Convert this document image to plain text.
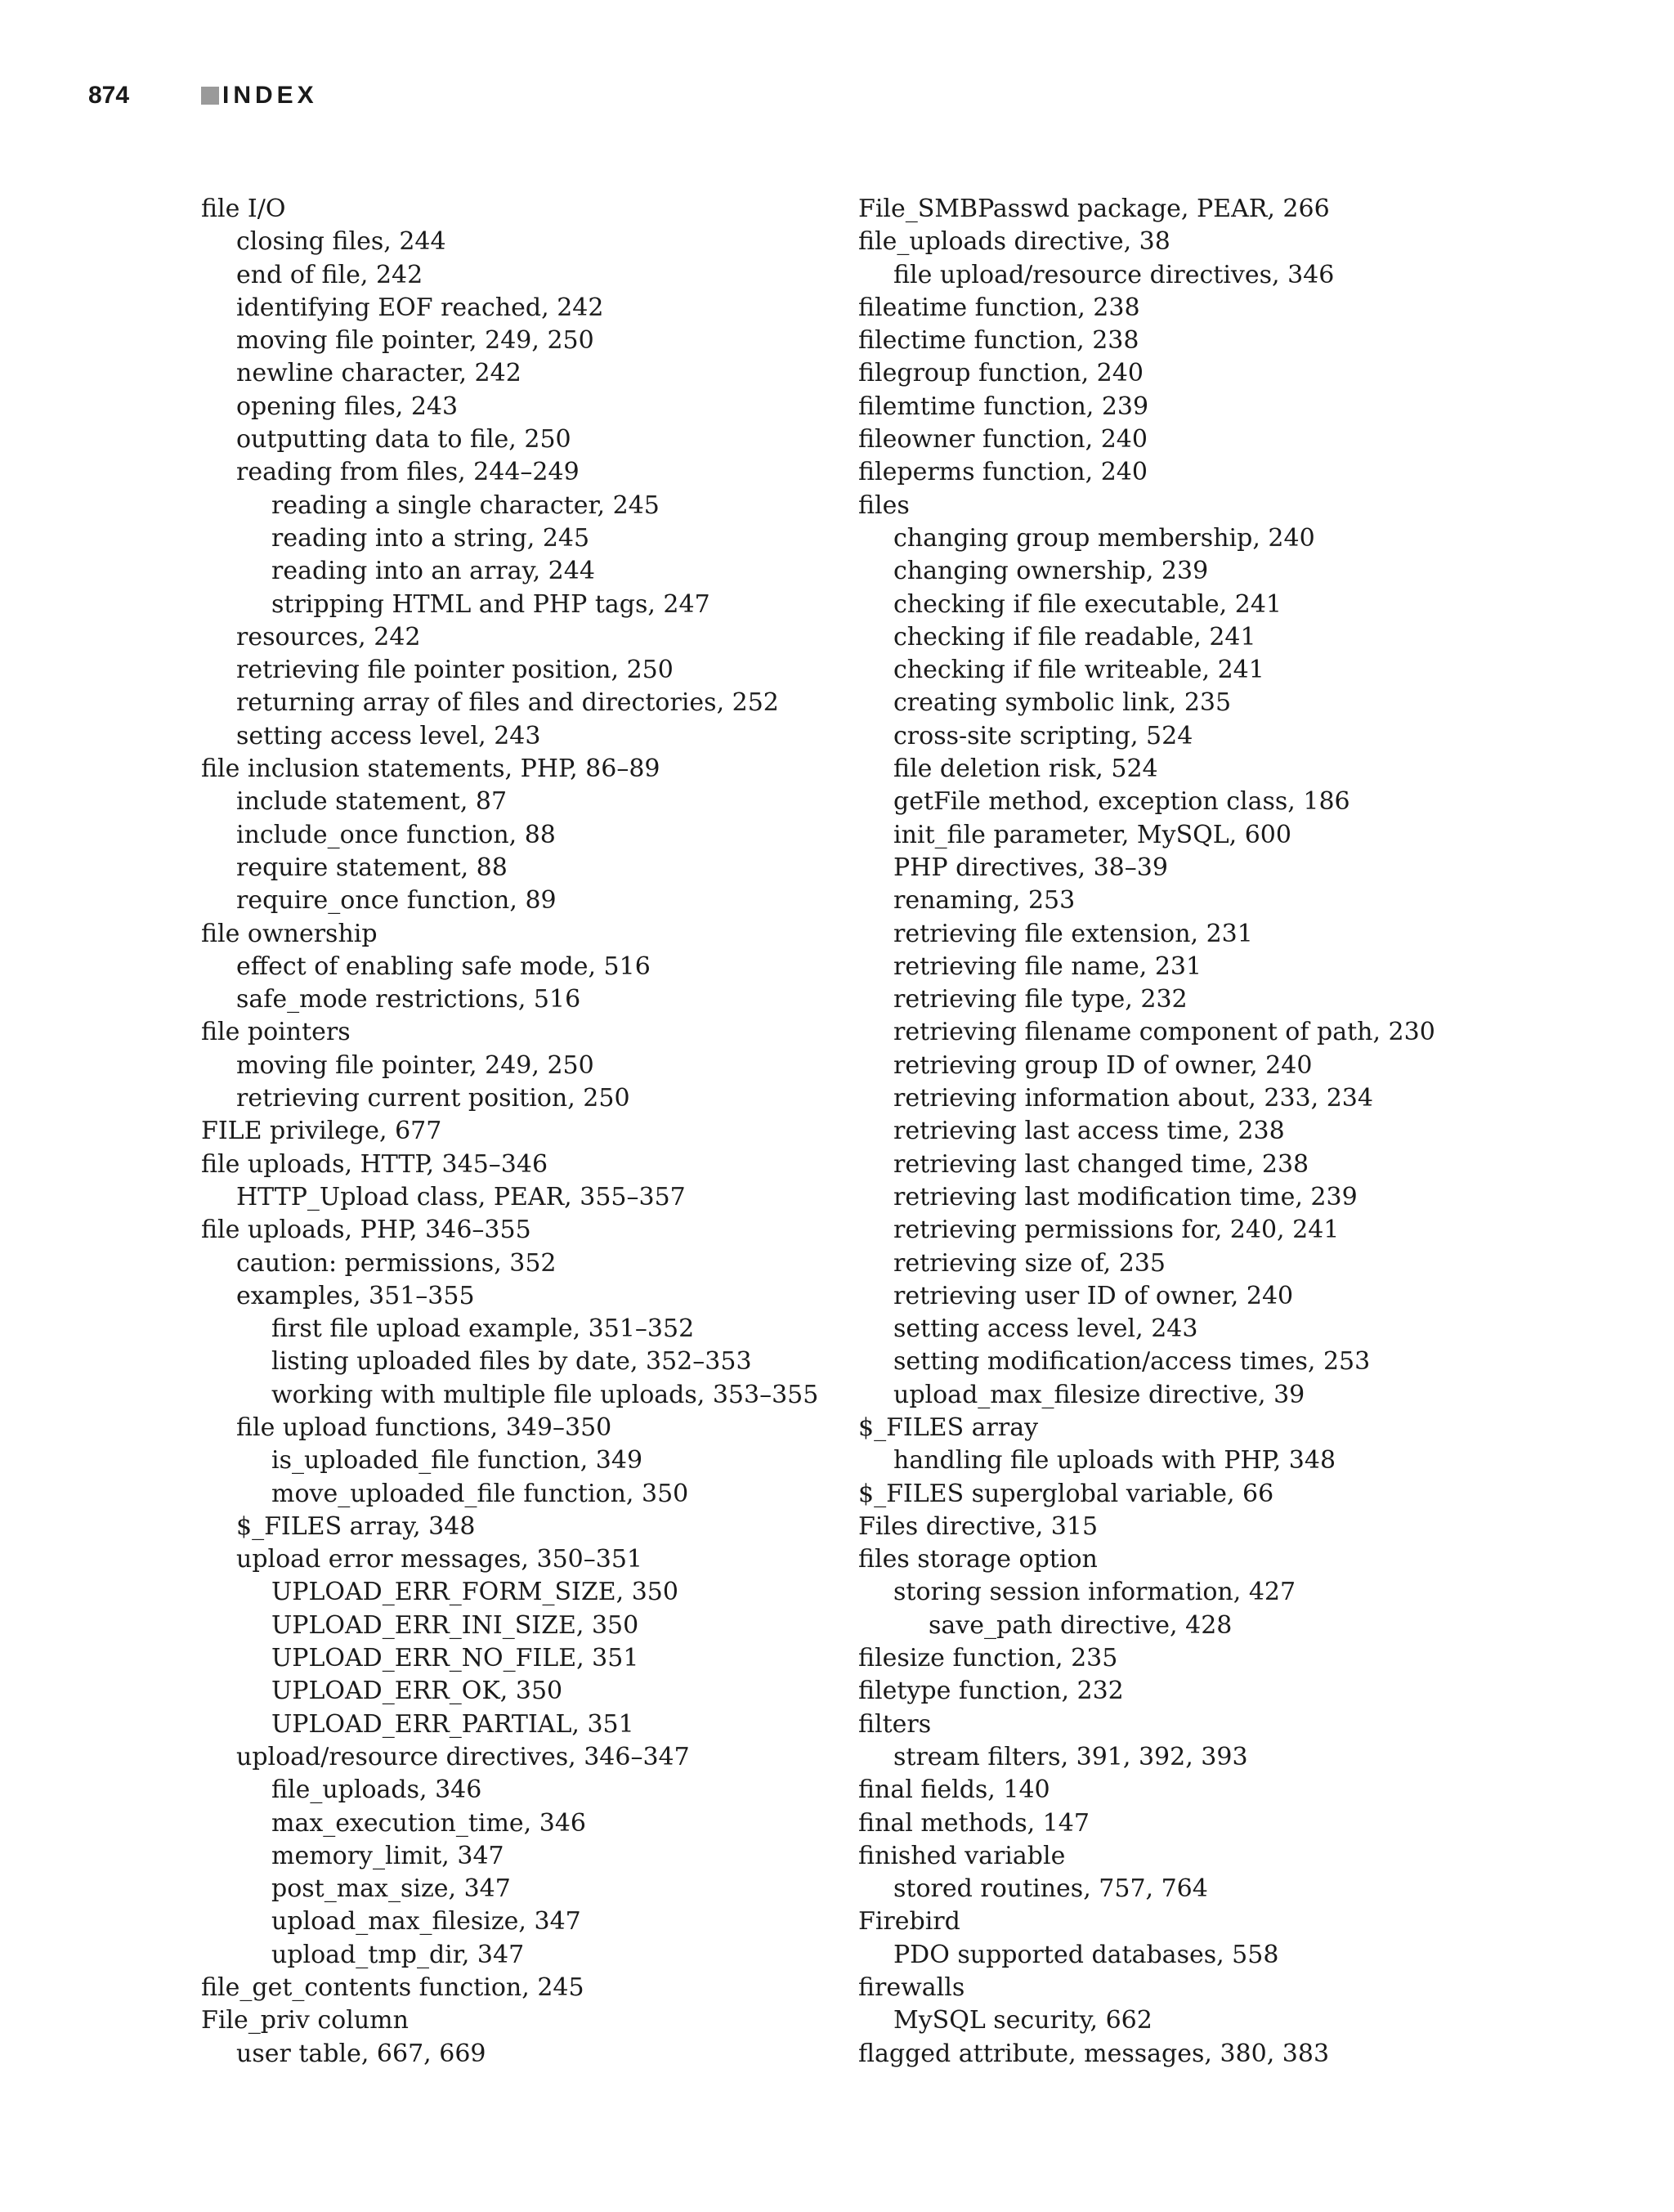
874	INDEX
file I/O
closing files, 244
end of file, 242
identifying EOF reached, 242
moving file pointer, 249, 250
newline character, 242
opening files, 243
outputting data to file, 250
reading from files, 244–249
reading a single character, 245
reading into a string, 245
reading into an array, 244
stripping HTML and PHP tags, 247
resources, 242
retrieving file pointer position, 250
returning array of files and directories, 252
setting access level, 243
file inclusion statements, PHP, 86–89
include statement, 87
include_once function, 88
require statement, 88
require_once function, 89
file ownership
effect of enabling safe mode, 516
safe_mode restrictions, 516
file pointers
moving file pointer, 249, 250
retrieving current position, 250
FILE privilege, 677
file uploads, HTTP, 345–346
HTTP_Upload class, PEAR, 355–357
file uploads, PHP, 346–355
caution: permissions, 352
examples, 351–355
first file upload example, 351–352
listing uploaded files by date, 352–353
working with multiple file uploads, 353–355
file upload functions, 349–350
is_uploaded_file function, 349
move_uploaded_file function, 350
$_FILES array, 348
upload error messages, 350–351
UPLOAD_ERR_FORM_SIZE, 350
UPLOAD_ERR_INI_SIZE, 350
UPLOAD_ERR_NO_FILE, 351
UPLOAD_ERR_OK, 350
UPLOAD_ERR_PARTIAL, 351
upload/resource directives, 346–347
file_uploads, 346
max_execution_time, 346
memory_limit, 347
post_max_size, 347
upload_max_filesize, 347
upload_tmp_dir, 347
file_get_contents function, 245
File_priv column
user table, 667, 669
File_SMBPasswd package, PEAR, 266
file_uploads directive, 38
file upload/resource directives, 346
fileatime function, 238
filectime function, 238
filegroup function, 240
filemtime function, 239
fileowner function, 240
fileperms function, 240
files
changing group membership, 240
changing ownership, 239
checking if file executable, 241
checking if file readable, 241
checking if file writeable, 241
creating symbolic link, 235
cross-site scripting, 524
file deletion risk, 524
getFile method, exception class, 186
init_file parameter, MySQL, 600
PHP directives, 38–39
renaming, 253
retrieving file extension, 231
retrieving file name, 231
retrieving file type, 232
retrieving filename component of path, 230
retrieving group ID of owner, 240
retrieving information about, 233, 234
retrieving last access time, 238
retrieving last changed time, 238
retrieving last modification time, 239
retrieving permissions for, 240, 241
retrieving size of, 235
retrieving user ID of owner, 240
setting access level, 243
setting modification/access times, 253
upload_max_filesize directive, 39
$_FILES array
handling file uploads with PHP, 348
$_FILES superglobal variable, 66
Files directive, 315
files storage option
storing session information, 427
save_path directive, 428
filesize function, 235
filetype function, 232
filters
stream filters, 391, 392, 393
final fields, 140
final methods, 147
finished variable
stored routines, 757, 764
Firebird
PDO supported databases, 558
firewalls
MySQL security, 662
flagged attribute, messages, 380, 383
